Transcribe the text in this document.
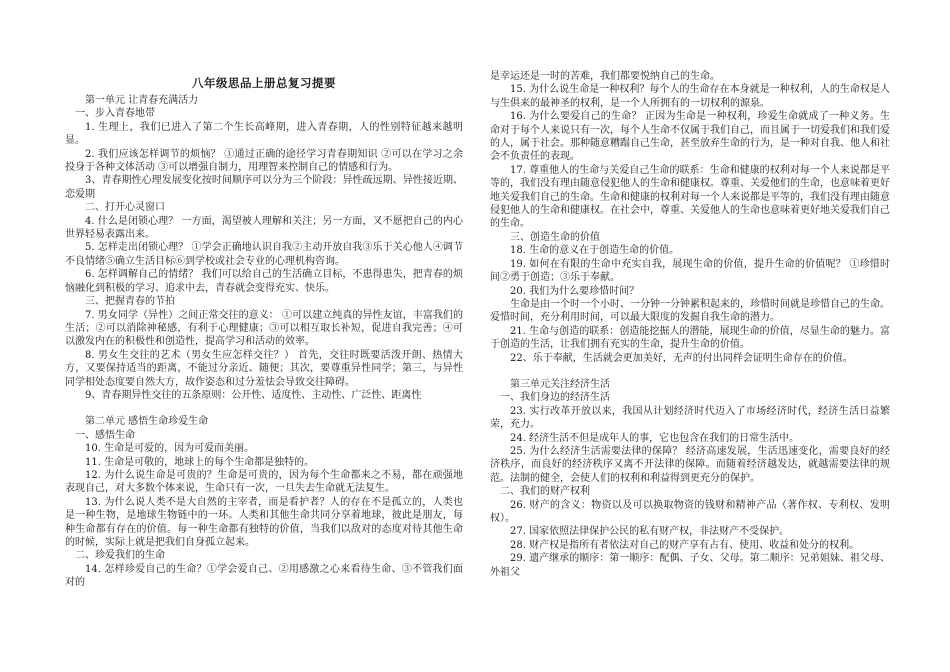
八年级思品上册总复习提要

第一单元 让青春充满活力

一、步入青春地带

1. 生理上，我们已进入了第二个生长高峰期，进入青春期，人的性别特征越来越明显。

2. 我们应该怎样调节的烦恼？ ①通过正确的途径学习青春期知识 ②可以在学习之余投身于各种文体活动 ③可以增强自制力，用理智来控制自己的情感和行为。

3、青春期性心理发展变化按时间顺序可以分为三个阶段：异性疏远期、异性接近期、恋爱期

二、打开心灵窗口

4. 什么是闭锁心理？ 一方面，渴望被人理解和关注；另一方面，又不愿把自己的内心世界轻易表露出来。

5. 怎样走出闭锁心理？ ①学会正确地认识自我②主动开放自我③乐于关心他人④调节不良情绪⑤确立生活目标⑥到学校或社会专业的心理机构咨询。

6. 怎样调解自己的情绪？ 我们可以给自己的生活确立目标，不患得患失，把青春的烦恼融化到积极的学习、追求中去，青春就会变得充实、快乐。

三、把握青春的节拍

7. 男女同学（异性）之间正常交往的意义： ①可以建立纯真的异性友谊，丰富我们的生活；②可以消除神秘感，有利于心理健康；③可以相互取长补短，促进自我完善；④可以激发内在的积极性和创造性，提高学习和活动的效率。

8. 男女生交往的艺术（男女生应怎样交往？） 首先，交往时既要活泼开朗、热情大方，又要保持适当的距离，不能过分亲近、随便；其次，要尊重异性同学；第三，与异性同学相处态度要自然大方，故作姿态和过分羞怯会导致交往障碍。

9、青春期异性交往的五条原则：公开性、适度性、主动性、广泛性、距离性

第二单元 感悟生命珍爱生命

一、感悟生命

10. 生命是可爱的，因为可爱而美丽。

11. 生命是可敬的，地球上的每个生命都是独特的。

12. 为什么说生命是可贵的？生命是可贵的，因为每个生命都来之不易，都在顽强地表现自己，对大多数个体来说，生命只有一次，一旦失去生命就无法复生。

13. 为什么说人类不是大自然的主宰者，而是看护者？人的存在不是孤立的，人类也是一种生物，是地球生物链中的一环。人类和其他生命共同分享着地球，彼此是朋友，每种生命都有存在的价值。每一种生命都有独特的价值，当我们以敌对的态度对待其他生命的时候，实际上就是把我们自身孤立起来。

二、珍爱我们的生命

14. 怎样珍爱自己的生命？①学会爱自己、②用感激之心来看待生命、③不管我们面对的

是幸运还是一时的苦难，我们都要悦纳自己的生命。

15. 为什么说生命是一种权利？每个人的生命存在本身就是一种权利，人的生命权是人与生俱来的最神圣的权利，是一个人所拥有的一切权利的源泉。

16. 为什么要爱自己的生命？ 正因为生命是一种权利，珍爱生命就成了一种义务。生命对于每个人来说只有一次，每个人生命不仅属于我们自己，而且属于一切爱我们和我们爱的人，属于社会。那种随意糟蹋自己生命，甚至放弃生命的行为，是一种对自我、他人和社会不负责任的表现。

17. 尊重他人的生命与关爱自己生命的联系：生命和健康的权利对每一个人来说都是平等的，我们没有理由随意侵犯他人的生命和健康权。尊重、关爱他们的生命，也意味着更好地关爱我们自己的生命。生命和健康的权利对每一个人来说都是平等的，我们没有理由随意侵犯他人的生命和健康权。在社会中，尊重、关爱他人的生命也意味着更好地关爱我们自己的生命。

三、创造生命的价值

18. 生命的意义在于创造生命的价值。

19. 如何在有限的生命中充实自我，展现生命的价值，提升生命的价值呢？ ①珍惜时间②勇于创造；③乐于奉献。

20. 我们为什么要珍惜时间？

生命是由一个时一个小时、一分钟一分钟累积起来的，珍惜时间就是珍惜自己的生命。爱惜时间，充分利用时间，可以最大限度的发掘自我生命的潜力。

21. 生命与创造的联系：创造能挖掘人的潜能，展现生命的价值，尽显生命的魅力。富于创造的生活，让我们拥有充实的生命，提升生命的价值。

22、乐于奉献，生活就会更加美好，无声的付出同样会证明生命存在的价值。

第三单元关注经济生活

一、我们身边的经济生活

23. 实行改革开放以来，我国从计划经济时代迈入了市场经济时代，经济生活日益繁荣，充力。

24. 经济生活不但是成年人的事，它也包含在我们的日常生活中。

25. 为什么经济生活需要法律的保障？ 经济高速发展，生活迅速变化，需要良好的经济秩序，而良好的经济秩序又离不开法律的保障。而随着经济越发达，就越需要法律的规范。法制的健全，会使人们的权利和利益得到更充分的保护。

二、我们的财产权利

26. 财产的含义：物资以及可以换取物资的钱财和精神产品（著作权、专利权、发明权）。

27. 国家依照法律保护公民的私有财产权，非法财产不受保护。

28. 财产权是指所有者依法对自己的财产享有占有、使用、收益和处分的权利。

29. 遗产继承的顺序：第一顺序：配偶、子女、父母。第二顺序：兄弟姐妹、祖父母、外祖父
